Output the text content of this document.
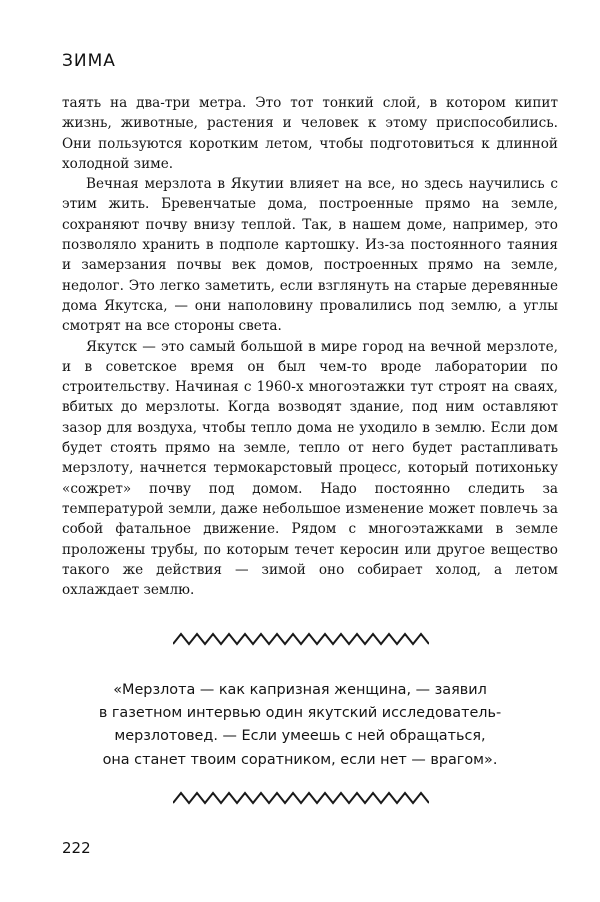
ЗИМА

таять на два-три метра. Это тот тонкий слой, в котором кипит жизнь, животные, растения и человек к этому приспособились. Они пользуются коротким летом, чтобы подготовиться к длинной холодной зиме.

Вечная мерзлота в Якутии влияет на все, но здесь научились с этим жить. Бревенчатые дома, построенные прямо на земле, сохраняют почву внизу теплой. Так, в нашем доме, например, это позволяло хранить в подполе картошку. Из-за постоянного таяния и замерзания почвы век домов, построенных прямо на земле, недолог. Это легко заметить, если взглянуть на старые деревянные дома Якутска, — они наполовину провалились под землю, а углы смотрят на все стороны света.

Якутск — это самый большой в мире город на вечной мерзлоте, и в советское время он был чем-то вроде лаборатории по строительству. Начиная с 1960-х многоэтажки тут строят на сваях, вбитых до мерзлоты. Когда возводят здание, под ним оставляют зазор для воздуха, чтобы тепло дома не уходило в землю. Если дом будет стоять прямо на земле, тепло от него будет растапливать мерзлоту, начнется термокарстовый процесс, который потихоньку «сожрет» почву под домом. Надо постоянно следить за температурой земли, даже небольшое изменение может повлечь за собой фатальное движение. Рядом с многоэтажками в земле проложены трубы, по которым течет керосин или другое вещество такого же действия — зимой оно собирает холод, а летом охлаждает землю.

«Мерзлота — как капризная женщина, — заявил
в газетном интервью один якутский исследователь-
мерзлотовед. — Если умеешь с ней обращаться,
она станет твоим соратником, если нет — врагом».
222
